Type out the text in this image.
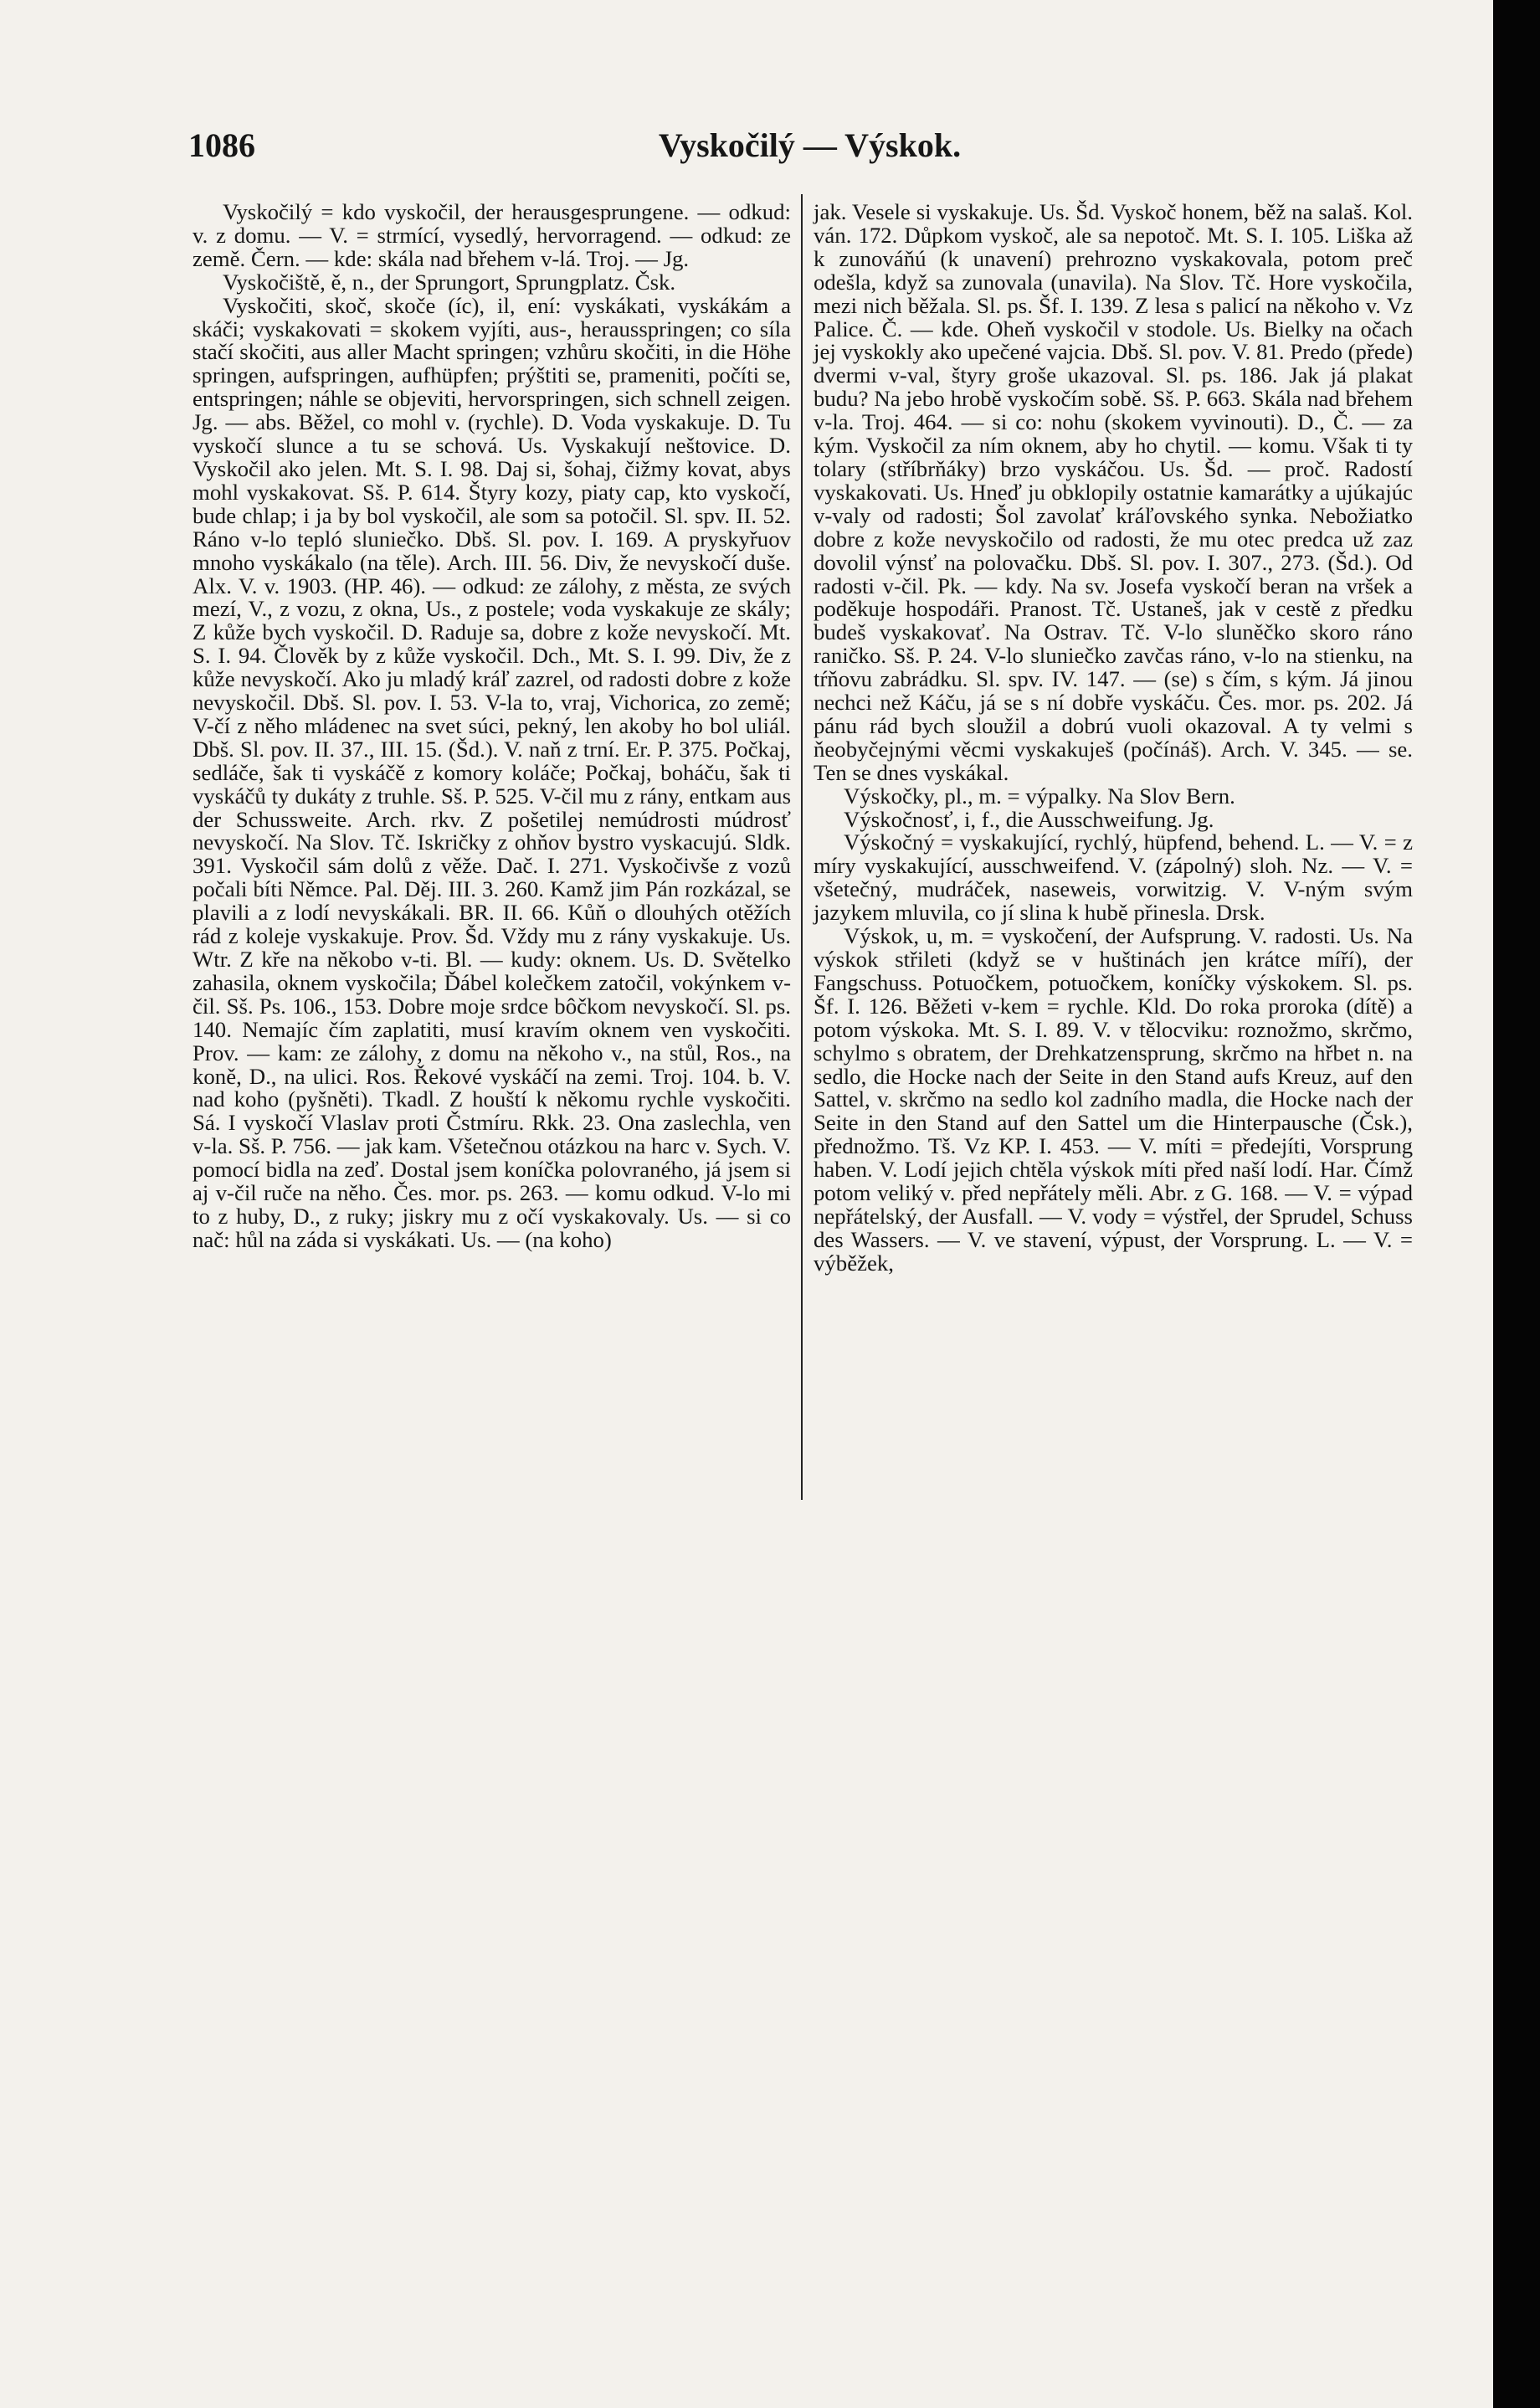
1086	Vyskočilý — Výskok.

Vyskočilý = kdo vyskočil, der herausgesprungene. — odkud: v. z domu. — V. = strmící, vysedlý, hervorragend. — odkud: ze země. Čern. — kde: skála nad břehem v-lá. Troj. — Jg.

Vyskočiště, ě, n., der Sprungort, Sprungplatz. Čsk.

Vyskočiti, skoč, skoče (íc), il, ení: vyskákati, vyskákám a skáči; vyskakovati = skokem vyjíti, aus-, herausspringen; co síla stačí skočiti, aus aller Macht springen; vzhůru skočiti, in die Höhe springen, aufspringen, aufhüpfen; prýštiti se, prameniti, počíti se, entspringen; náhle se objeviti, hervorspringen, sich schnell zeigen. Jg. — abs. Běžel, co mohl v. (rychle). D. Voda vyskakuje. D. Tu vyskočí slunce a tu se schová. Us. Vyskakují neštovice. D. Vyskočil ako jelen. Mt. S. I. 98. Daj si, šohaj, čižmy kovat, abys mohl vyskakovat. Sš. P. 614. Štyry kozy, piaty cap, kto vyskočí, bude chlap; i ja by bol vyskočil, ale som sa potočil. Sl. spv. II. 52. Ráno v-lo tepló sluniečko. Dbš. Sl. pov. I. 169. A pryskyřuov mnoho vyskákalo (na těle). Arch. III. 56. Div, že nevyskočí duše. Alx. V. v. 1903. (HP. 46). — odkud: ze zálohy, z města, ze svých mezí, V., z vozu, z okna, Us., z postele; voda vyskakuje ze skály; Z kůže bych vyskočil. D. Raduje sa, dobre z kože nevyskočí. Mt. S. I. 94. Člověk by z kůže vyskočil. Dch., Mt. S. I. 99. Div, že z kůže nevyskočí. Ako ju mladý kráľ zazrel, od radosti dobre z kože nevyskočil. Dbš. Sl. pov. I. 53. V-la to, vraj, Vichorica, zo země; V-čí z něho mládenec na svet súci, pekný, len akoby ho bol uliál. Dbš. Sl. pov. II. 37., III. 15. (Šd.). V. naň z trní. Er. P. 375. Počkaj, sedláče, šak ti vyskáčě z komory koláče; Počkaj, boháču, šak ti vyskáčů ty dukáty z truhle. Sš. P. 525. V-čil mu z rány, entkam aus der Schussweite. Arch. rkv. Z pošetilej nemúdrosti múdrosť nevyskočí. Na Slov. Tč. Iskričky z ohňov bystro vyskacujú. Sldk. 391. Vyskočil sám dolů z věže. Dač. I. 271. Vyskočivše z vozů počali bíti Němce. Pal. Děj. III. 3. 260. Kamž jim Pán rozkázal, se plavili a z lodí nevyskákali. BR. II. 66. Kůň o dlouhých otěžích rád z koleje vyskakuje. Prov. Šd. Vždy mu z rány vyskakuje. Us. Wtr. Z kře na někobo v-ti. Bl. — kudy: oknem. Us. D. Světelko zahasila, oknem vyskočila; Ďábel kolečkem zatočil, vokýnkem v-čil. Sš. Ps. 106., 153. Dobre moje srdce bôčkom nevyskočí. Sl. ps. 140. Nemajíc čím zaplatiti, musí kravím oknem ven vyskočiti. Prov. — kam: ze zálohy, z domu na někoho v., na stůl, Ros., na koně, D., na ulici. Ros. Řekové vyskáčí na zemi. Troj. 104. b. V. nad koho (pyšněti). Tkadl. Z houští k někomu rychle vyskočiti. Sá. I vyskočí Vlaslav proti Čstmíru. Rkk. 23. Ona zaslechla, ven v-la. Sš. P. 756. — jak kam. Všetečnou otázkou na harc v. Sych. V. pomocí bidla na zeď. Dostal jsem koníčka polovraného, já jsem si aj v-čil ruče na něho. Čes. mor. ps. 263. — komu odkud. V-lo mi to z huby, D., z ruky; jiskry mu z očí vyskakovaly. Us. — si co nač: hůl na záda si vyskákati. Us. — (na koho)

jak. Vesele si vyskakuje. Us. Šd. Vyskoč honem, běž na salaš. Kol. ván. 172. Důpkom vyskoč, ale sa nepotoč. Mt. S. I. 105. Liška až k zunováňú (k unavení) prehrozno vyskakovala, potom preč odešla, když sa zunovala (unavila). Na Slov. Tč. Hore vyskočila, mezi nich běžala. Sl. ps. Šf. I. 139. Z lesa s palicí na někoho v. Vz Palice. Č. — kde. Oheň vyskočil v stodole. Us. Bielky na očach jej vyskokly ako upečené vajcia. Dbš. Sl. pov. V. 81. Predo (přede) dvermi v-val, štyry groše ukazoval. Sl. ps. 186. Jak já plakat budu? Na jebo hrobě vyskočím sobě. Sš. P. 663. Skála nad břehem v-la. Troj. 464. — si co: nohu (skokem vyvinouti). D., Č. — za kým. Vyskočil za ním oknem, aby ho chytil. — komu. Však ti ty tolary (stříbrňáky) brzo vyskáčou. Us. Šd. — proč. Radostí vyskakovati. Us. Hneď ju obklopily ostatnie kamarátky a ujúkajúc v-valy od radosti; Šol zavolať kráľovského synka. Nebožiatko dobre z kože nevyskočilo od radosti, že mu otec predca už zaz dovolil výnsť na polovačku. Dbš. Sl. pov. I. 307., 273. (Šd.). Od radosti v-čil. Pk. — kdy. Na sv. Josefa vyskočí beran na vršek a poděkuje hospodáři. Pranost. Tč. Ustaneš, jak v cestě z předku budeš vyskakovať. Na Ostrav. Tč. V-lo sluněčko skoro ráno raničko. Sš. P. 24. V-lo sluniečko zavčas ráno, v-lo na stienku, na tŕňovu zabrádku. Sl. spv. IV. 147. — (se) s čím, s kým. Já jinou nechci než Káču, já se s ní dobře vyskáču. Čes. mor. ps. 202. Já pánu rád bych sloužil a dobrú vuoli okazoval. A ty velmi s ňeobyčejnými věcmi vyskakuješ (počínáš). Arch. V. 345. — se. Ten se dnes vyskákal.

Výskočky, pl., m. = výpalky. Na Slov Bern.

Výskočnosť, i, f., die Ausschweifung. Jg.

Výskočný = vyskakující, rychlý, hüpfend, behend. L. — V. = z míry vyskakující, ausschweifend. V. (zápolný) sloh. Nz. — V. = všetečný, mudráček, naseweis, vorwitzig. V. V-ným svým jazykem mluvila, co jí slina k hubě přinesla. Drsk.

Výskok, u, m. = vyskočení, der Aufsprung. V. radosti. Us. Na výskok střileti (když se v huštinách jen krátce míří), der Fangschuss. Potuočkem, potuočkem, koníčky výskokem. Sl. ps. Šf. I. 126. Běžeti v-kem = rychle. Kld. Do roka proroka (dítě) a potom výskoka. Mt. S. I. 89. V. v tělocviku: roznožmo, skrčmo, schylmo s obratem, der Drehkatzensprung, skrčmo na hřbet n. na sedlo, die Hocke nach der Seite in den Stand aufs Kreuz, auf den Sattel, v. skrčmo na sedlo kol zadního madla, die Hocke nach der Seite in den Stand auf den Sattel um die Hinterpausche (Čsk.), přednožmo. Tš. Vz KP. I. 453. — V. míti = předejíti, Vorsprung haben. V. Lodí jejich chtěla výskok míti před naší lodí. Har. Čímž potom veliký v. před nepřátely měli. Abr. z G. 168. — V. = výpad nepřátelský, der Ausfall. — V. vody = výstřel, der Sprudel, Schuss des Wassers. — V. ve stavení, výpust, der Vorsprung. L. — V. = výběžek,
